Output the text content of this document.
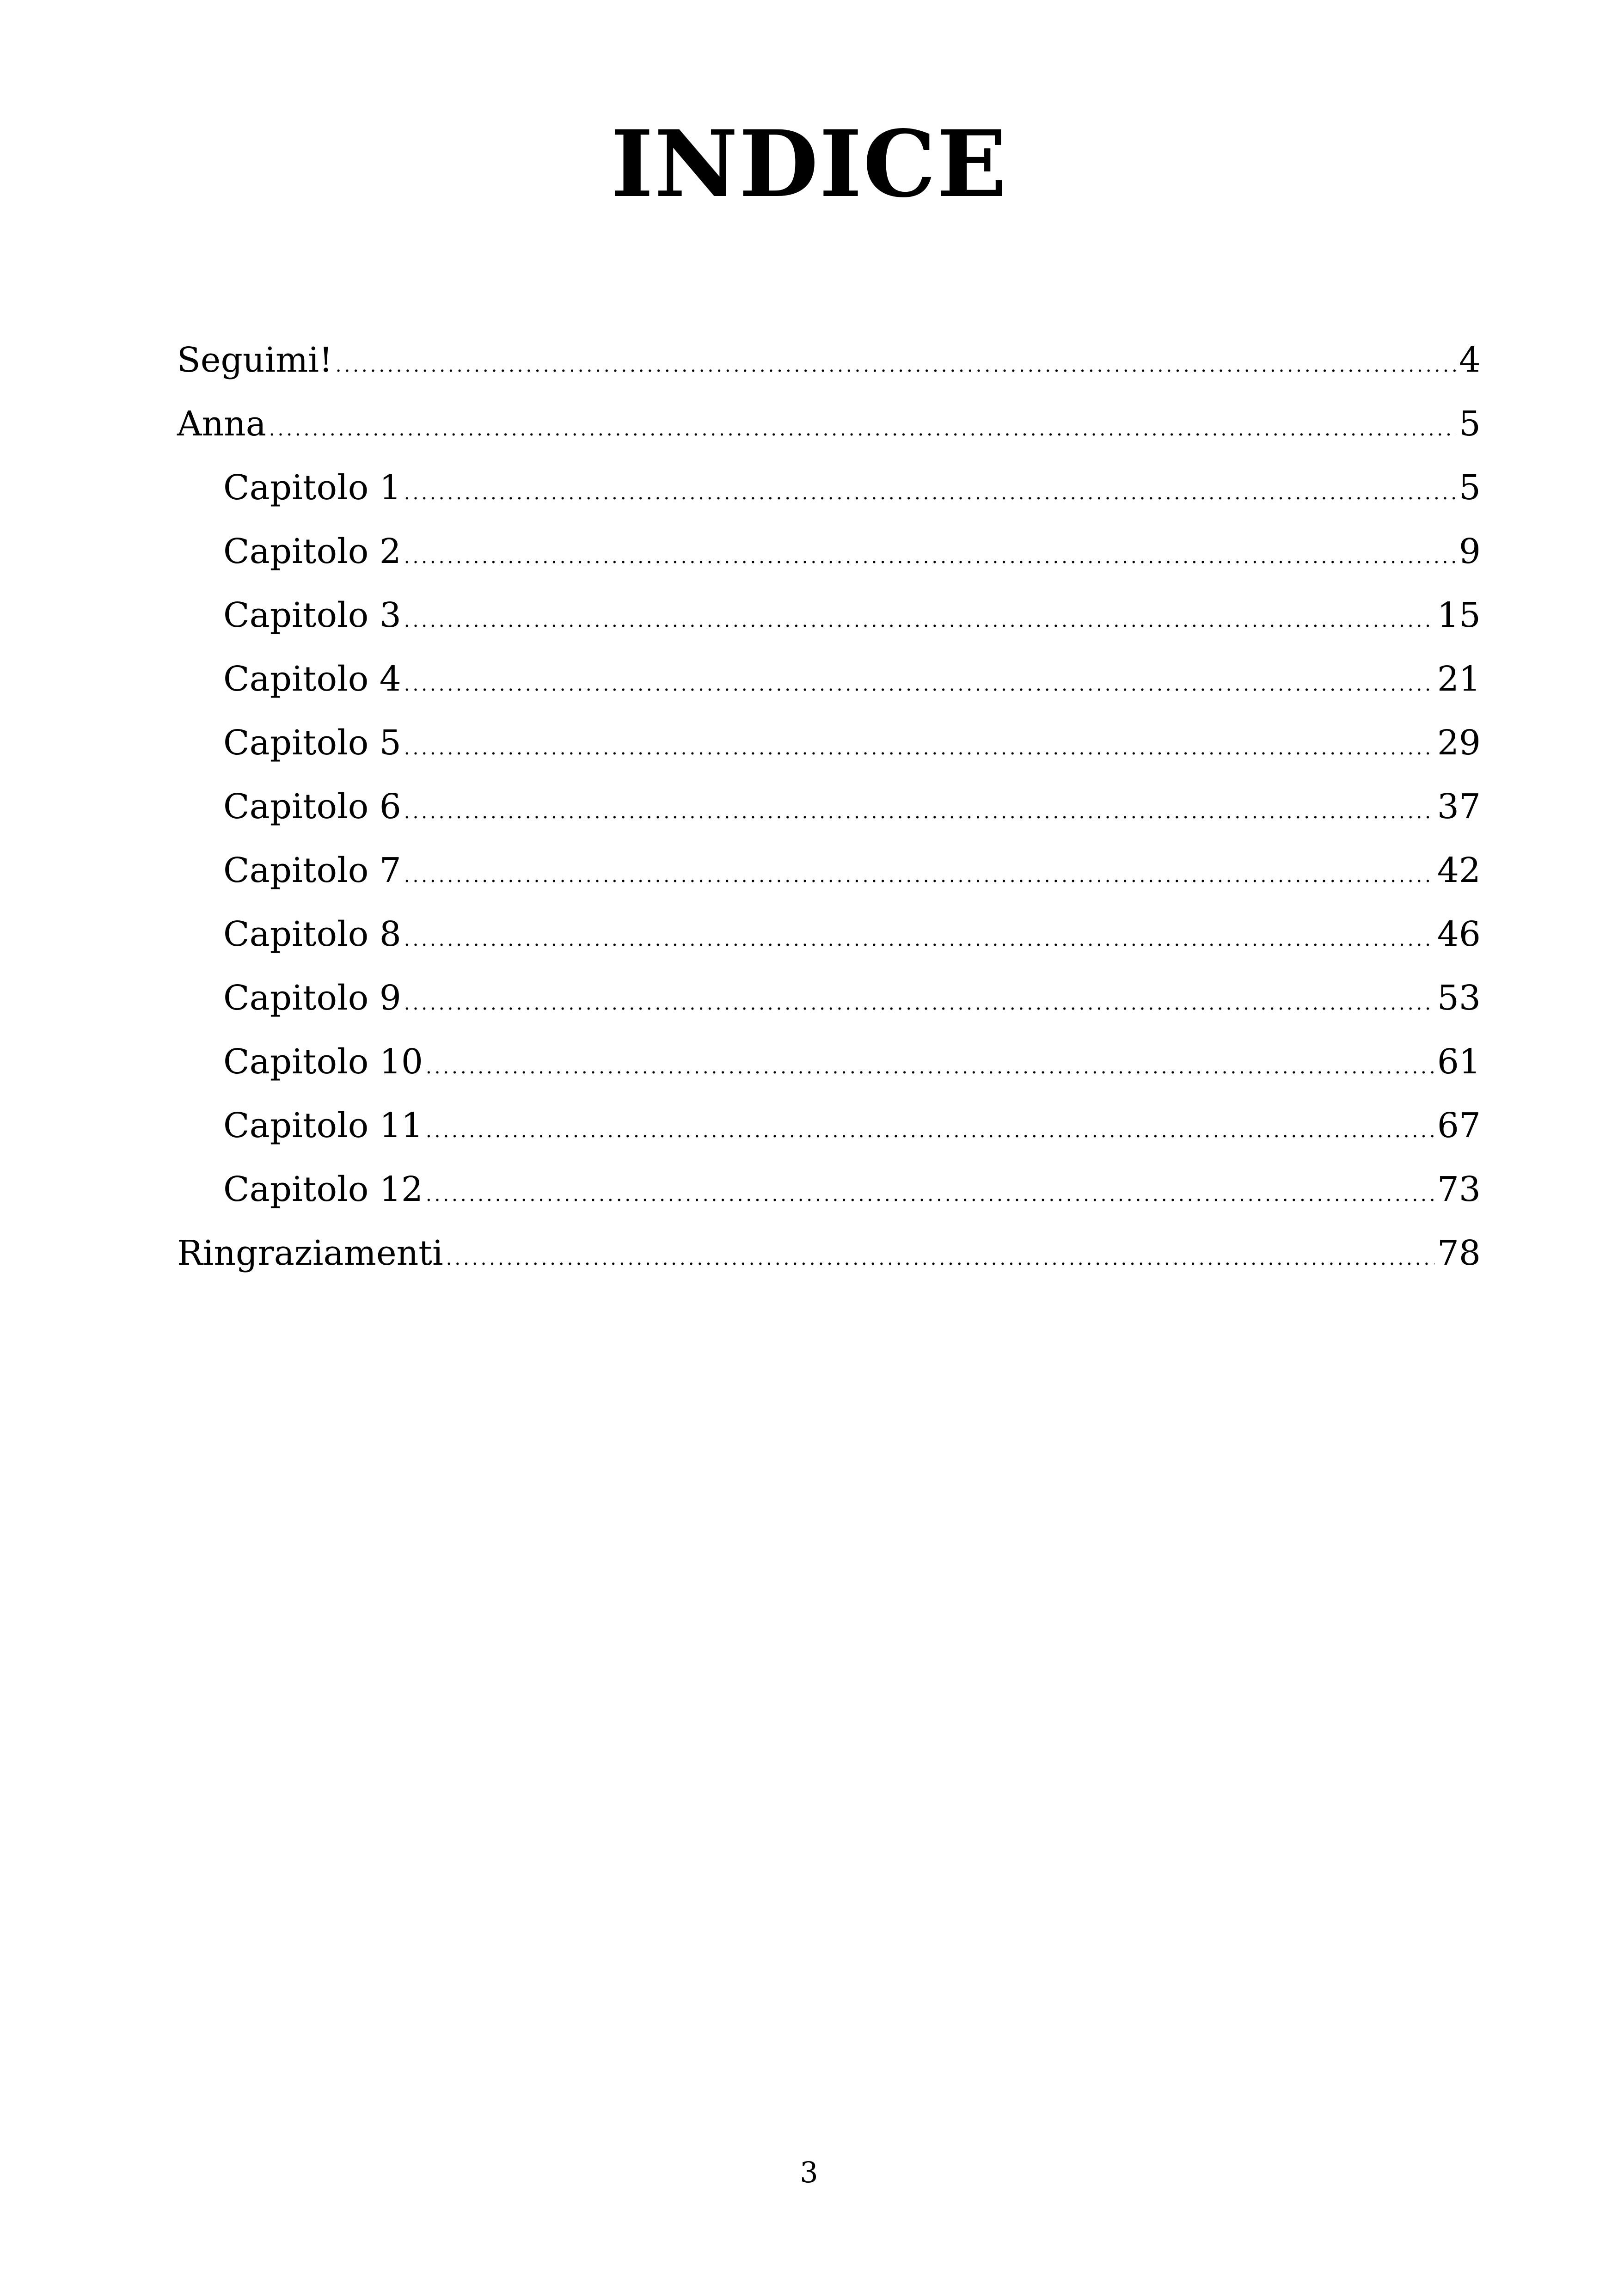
INDICE
Seguimi! .....	4
Anna .....	5
Capitolo 1 .....	5
Capitolo 2 .....	9
Capitolo 3 .....	15
Capitolo 4 .....	21
Capitolo 5 .....	29
Capitolo 6 .....	37
Capitolo 7 .....	42
Capitolo 8 .....	46
Capitolo 9 .....	53
Capitolo 10 .....	61
Capitolo 11 .....	67
Capitolo 12 .....	73
Ringraziamenti .....	78
3
